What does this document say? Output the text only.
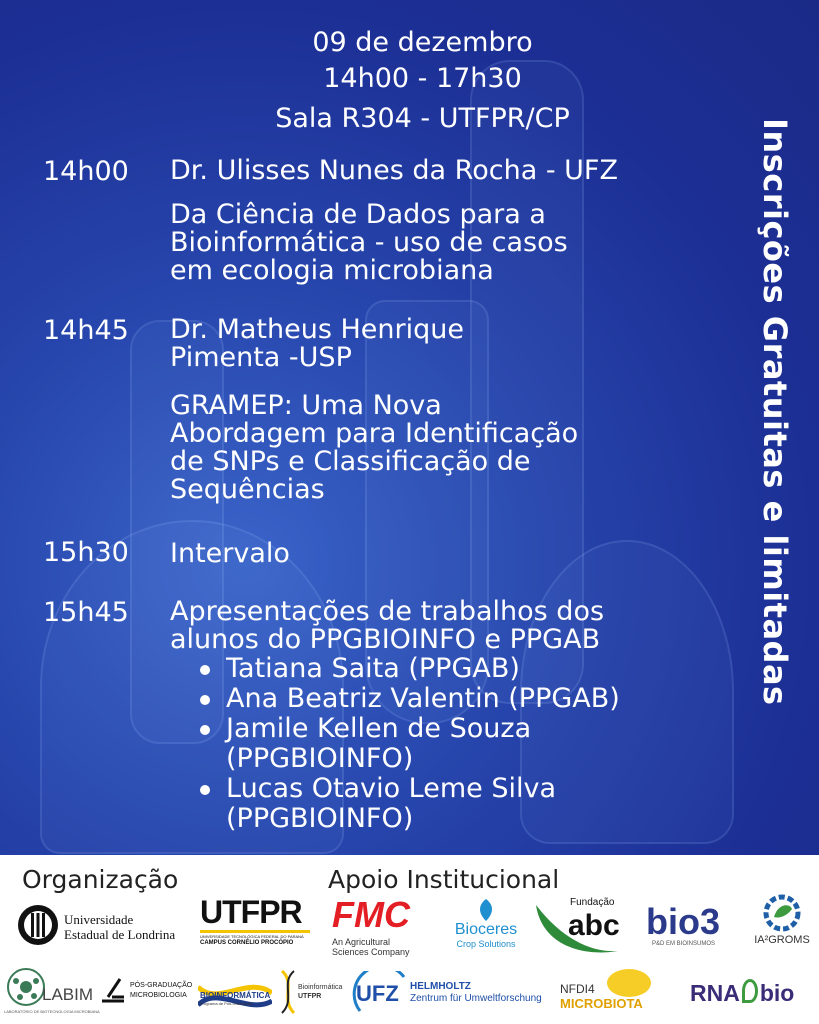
09 de dezembro
14h00 - 17h30
Sala R304 - UTFPR/CP
14h00 Dr. Ulisses Nunes da Rocha - UFZ
Da Ciência de Dados para a
Bioinformática - uso de casos
em ecologia microbiana
14h45 Dr. Matheus Henrique
Pimenta -USP
GRAMEP: Uma Nova
Abordagem para Identificação
de SNPs e Classificação de
Sequências
15h30 Intervalo
15h45 Apresentações de trabalhos dos
alunos do PPGBIOINFO e PPGAB
Tatiana Saita (PPGAB)
Ana Beatriz Valentin (PPGAB)
Jamile Kellen de Souza
(PPGBIOINFO)
Lucas Otavio Leme Silva
(PPGBIOINFO)
Inscrições Gratuitas e limitadas
Organização	Apoio Institucional
Universidade
Estadual de Londrina
UTFPR
UNIVERSIDADE TECNOLÓGICA FEDERAL DO PARANÁ
CAMPUS CORNÉLIO PROCÓPIO
FMC
An Agricultural
Sciences Company
Bioceres
Crop Solutions
Fundação
abc bio3
P&D EM BIOINSUMOS	IA²GROMS
LABIM
LABORATÓRIO DE BIOTECNOLOGIA MICROBIANA
PÓS-GRADUAÇÃO
MICROBIOLOGIA	BIOINFORMÁTICA
Programa de Pós-Graduação
Bioinformática
UTFPR	UFZ HELMHOLTZ
Zentrum für Umweltforschung
NFDI4
MICROBIOTA RNA bio
